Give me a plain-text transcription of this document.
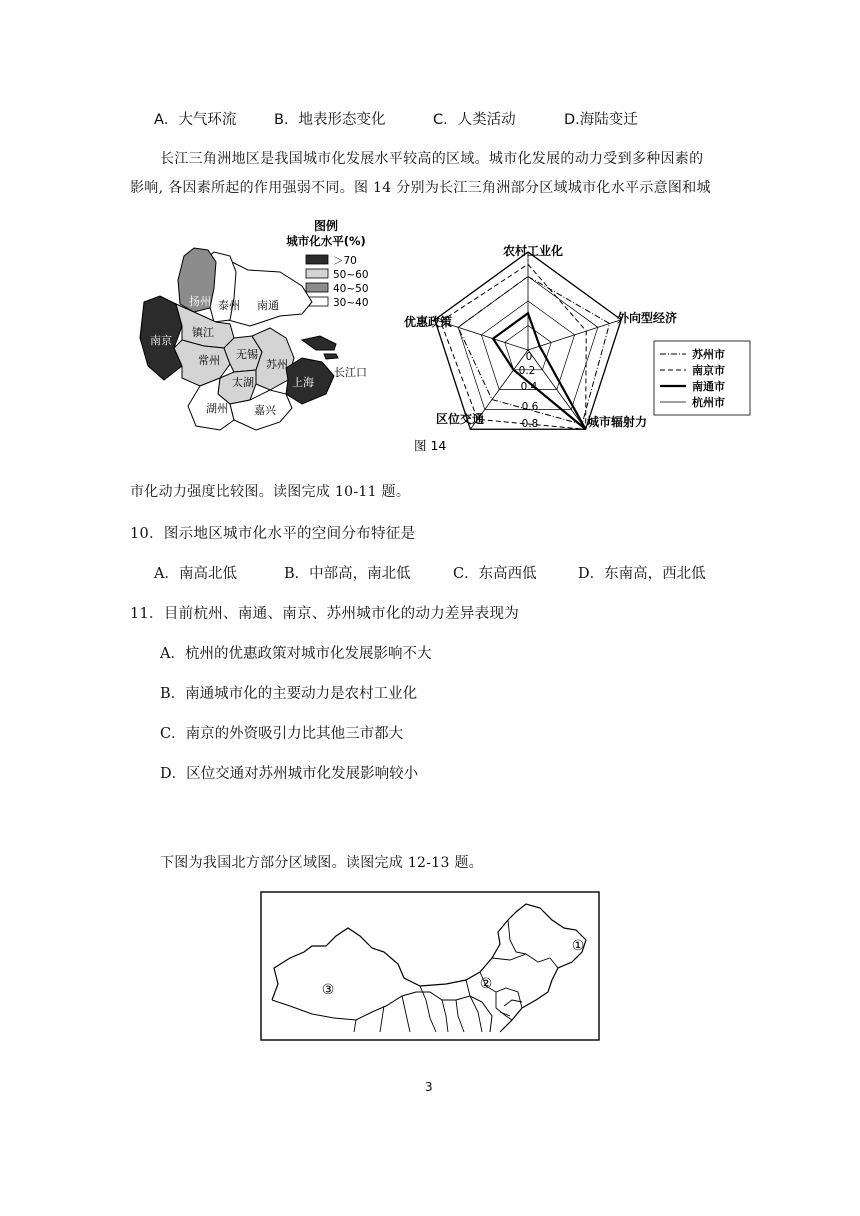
A．大气环流	B．地表形态变化	C．人类活动	D.海陆变迁
长江三角洲地区是我国城市化发展水平较高的区域。城市化发展的动力受到多种因素的
影响, 各因素所起的作用强弱不同。图 14 分别为长江三角洲部分区域城市化水平示意图和城
图例
城市化水平(%)
＞70
50~60
40~50
30~40
扬州 泰州 南通
南京
镇江
常州 无锡
苏州
太湖	上海
长江口
湖州 嘉兴
农村工业化
外向型经济
城市辐射力
区位交通
优惠政策
0
0.2
0.4
0.6
0.8
苏州市
南京市
南通市
杭州市
图 14
市化动力强度比较图。读图完成 10-11 题。
10．图示地区城市化水平的空间分布特征是
A．南高北低	B．中部高，南北低	C．东高西低	D．东南高，西北低
11．目前杭州、南通、南京、苏州城市化的动力差异表现为
A．杭州的优惠政策对城市化发展影响不大
B．南通城市化的主要动力是农村工业化
C．南京的外资吸引力比其他三市都大
D．区位交通对苏州城市化发展影响较小
下图为我国北方部分区域图。读图完成 12-13 题。
③	②
①
3
